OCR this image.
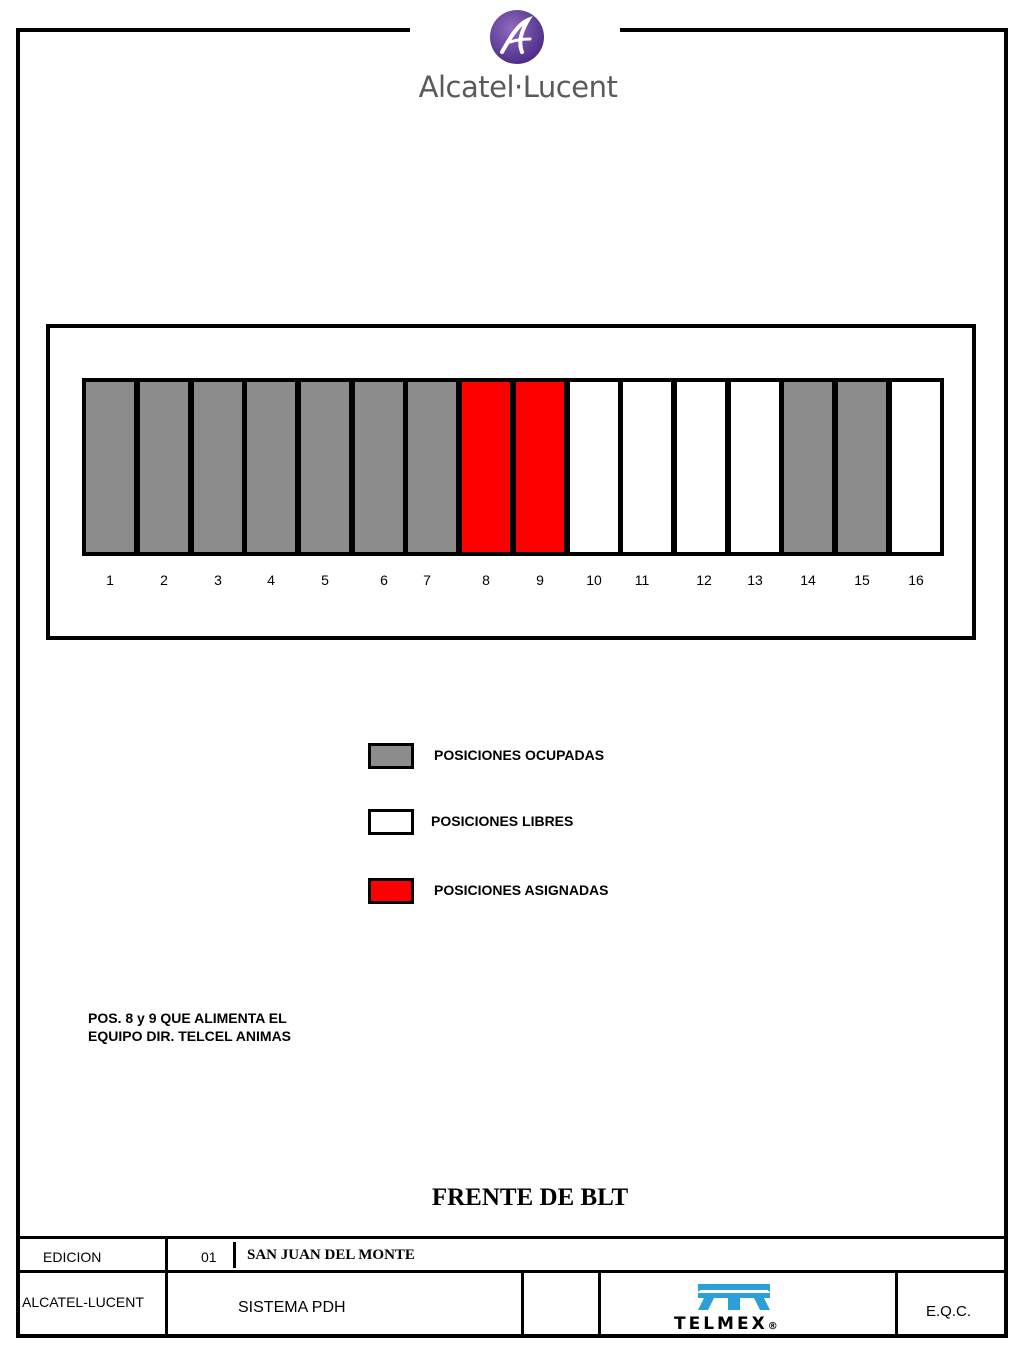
Alcatel·Lucent
1	2	3	4	5	6	7	8	9	10	11	12	13	14	15	16
POSICIONES OCUPADAS
POSICIONES LIBRES
POSICIONES ASIGNADAS
POS. 8 y 9 QUE ALIMENTA EL
EQUIPO DIR. TELCEL ANIMAS
FRENTE DE BLT
EDICION	01 SAN JUAN DEL MONTE
ALCATEL-LUCENT	SISTEMA PDH	E.Q.C.
TELMEX®
